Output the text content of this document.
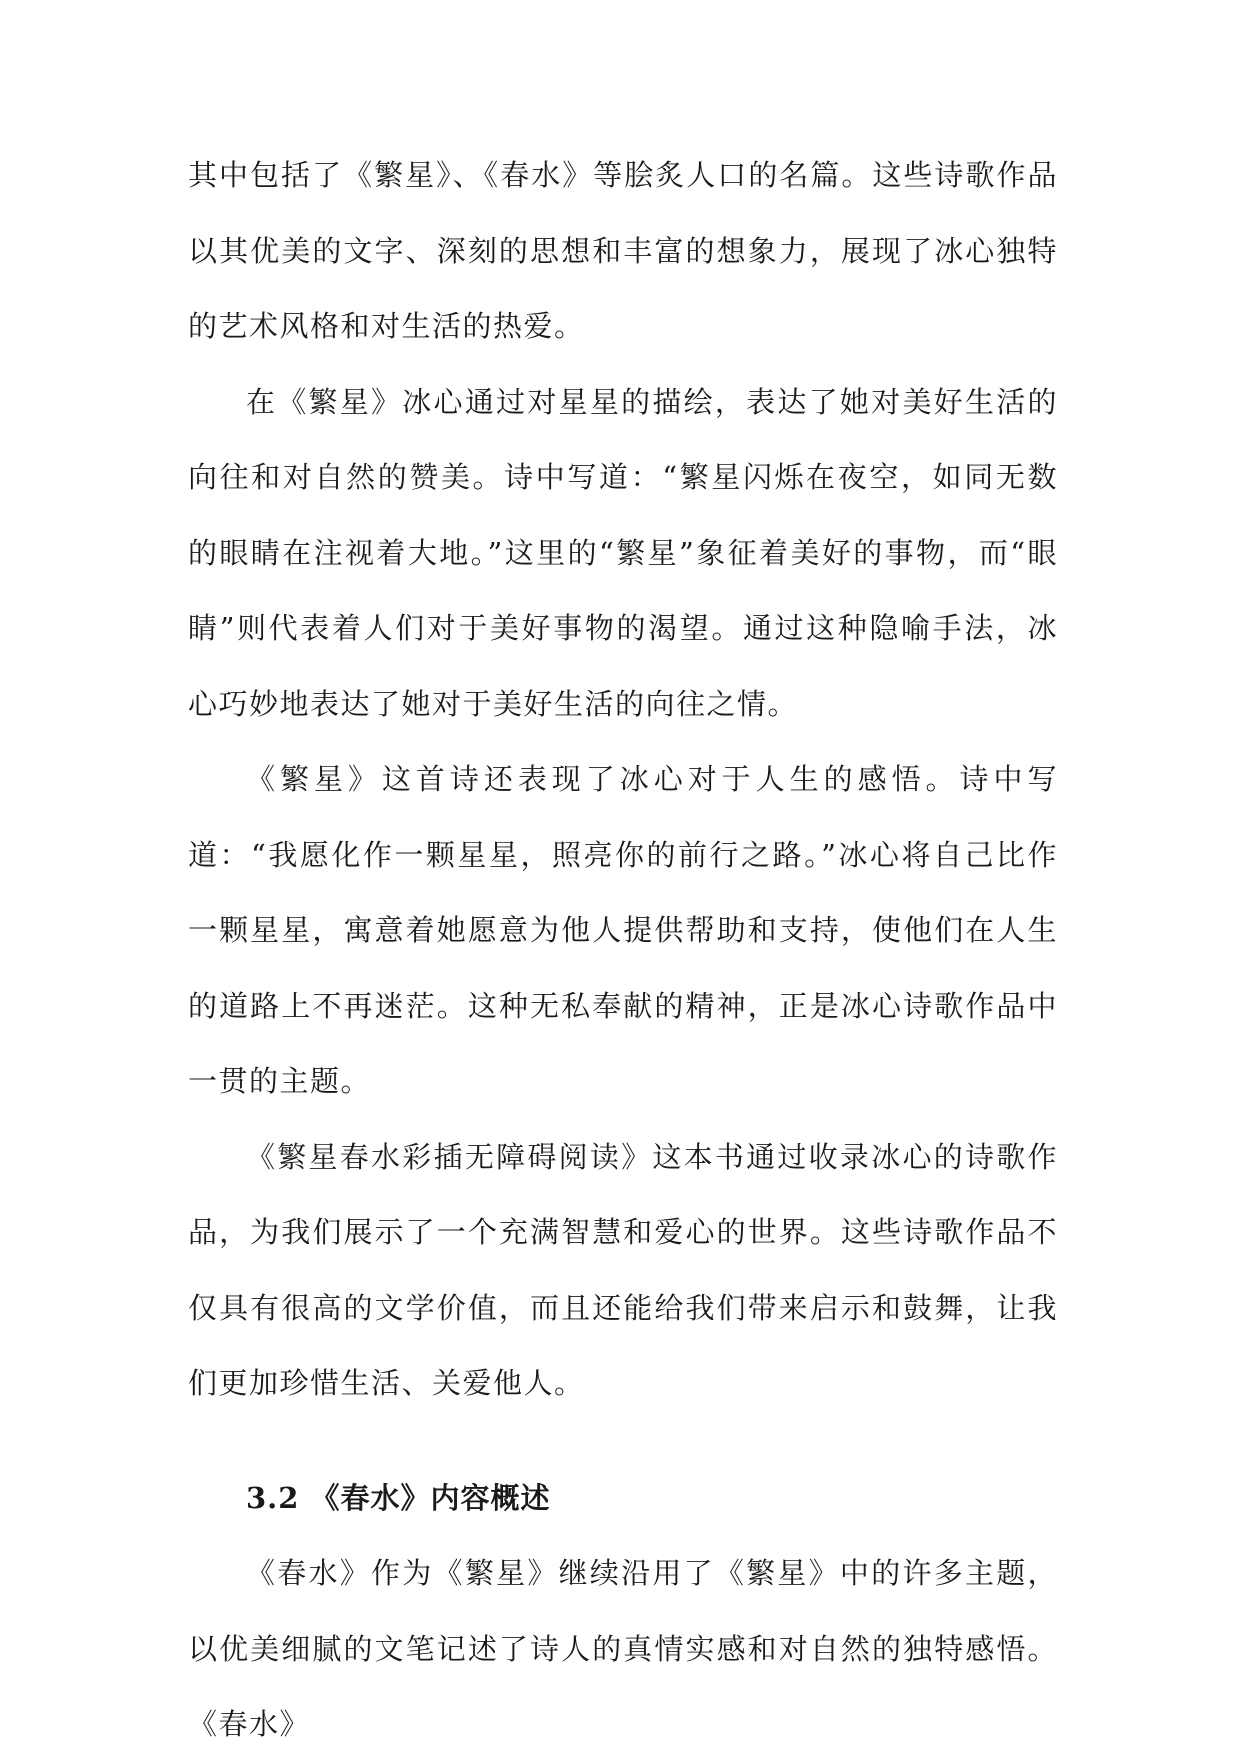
其中包括了《繁星》、《春水》等脍炙人口的名篇。这些诗歌作品以其优美的文字、深刻的思想和丰富的想象力，展现了冰心独特的艺术风格和对生活的热爱。

在《繁星》冰心通过对星星的描绘，表达了她对美好生活的向往和对自然的赞美。诗中写道：“繁星闪烁在夜空，如同无数的眼睛在注视着大地。”这里的“繁星”象征着美好的事物，而“眼睛”则代表着人们对于美好事物的渴望。通过这种隐喻手法，冰心巧妙地表达了她对于美好生活的向往之情。

《繁星》这首诗还表现了冰心对于人生的感悟。诗中写道：“我愿化作一颗星星，照亮你的前行之路。”冰心将自己比作一颗星星，寓意着她愿意为他人提供帮助和支持，使他们在人生的道路上不再迷茫。这种无私奉献的精神，正是冰心诗歌作品中一贯的主题。

《繁星春水彩插无障碍阅读》这本书通过收录冰心的诗歌作品，为我们展示了一个充满智慧和爱心的世界。这些诗歌作品不仅具有很高的文学价值，而且还能给我们带来启示和鼓舞，让我们更加珍惜生活、关爱他人。

3.2 《春水》内容概述

《春水》作为《繁星》继续沿用了《繁星》中的许多主题，以优美细腻的文笔记述了诗人的真情实感和对自然的独特感悟。《春水》
